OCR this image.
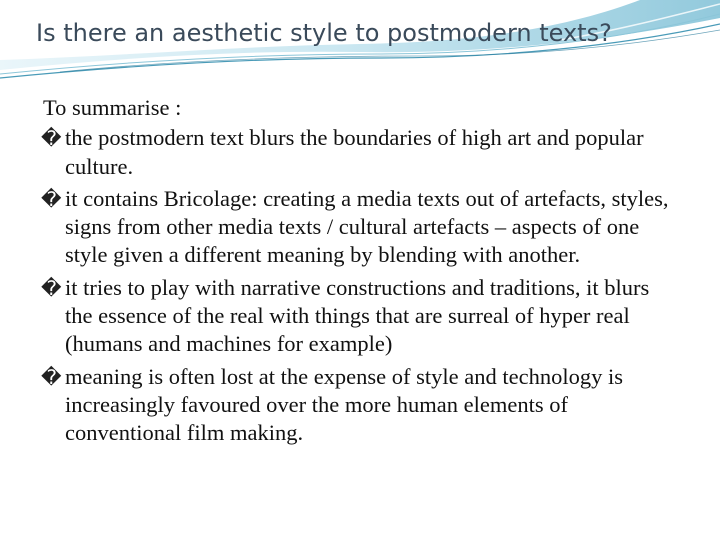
Is there an aesthetic style to postmodern texts?
To summarise :
� the postmodern text blurs the boundaries of high art and popular culture.
� it contains Bricolage: creating a media texts out of artefacts, styles, signs from other media texts / cultural artefacts – aspects of one style given a different meaning by blending with another.
� it tries to play with narrative constructions and traditions, it blurs the essence of the real with things that are surreal of hyper real (humans and machines for example)
� meaning is often lost at the expense of style and technology is increasingly favoured over the more human elements of conventional film making.
